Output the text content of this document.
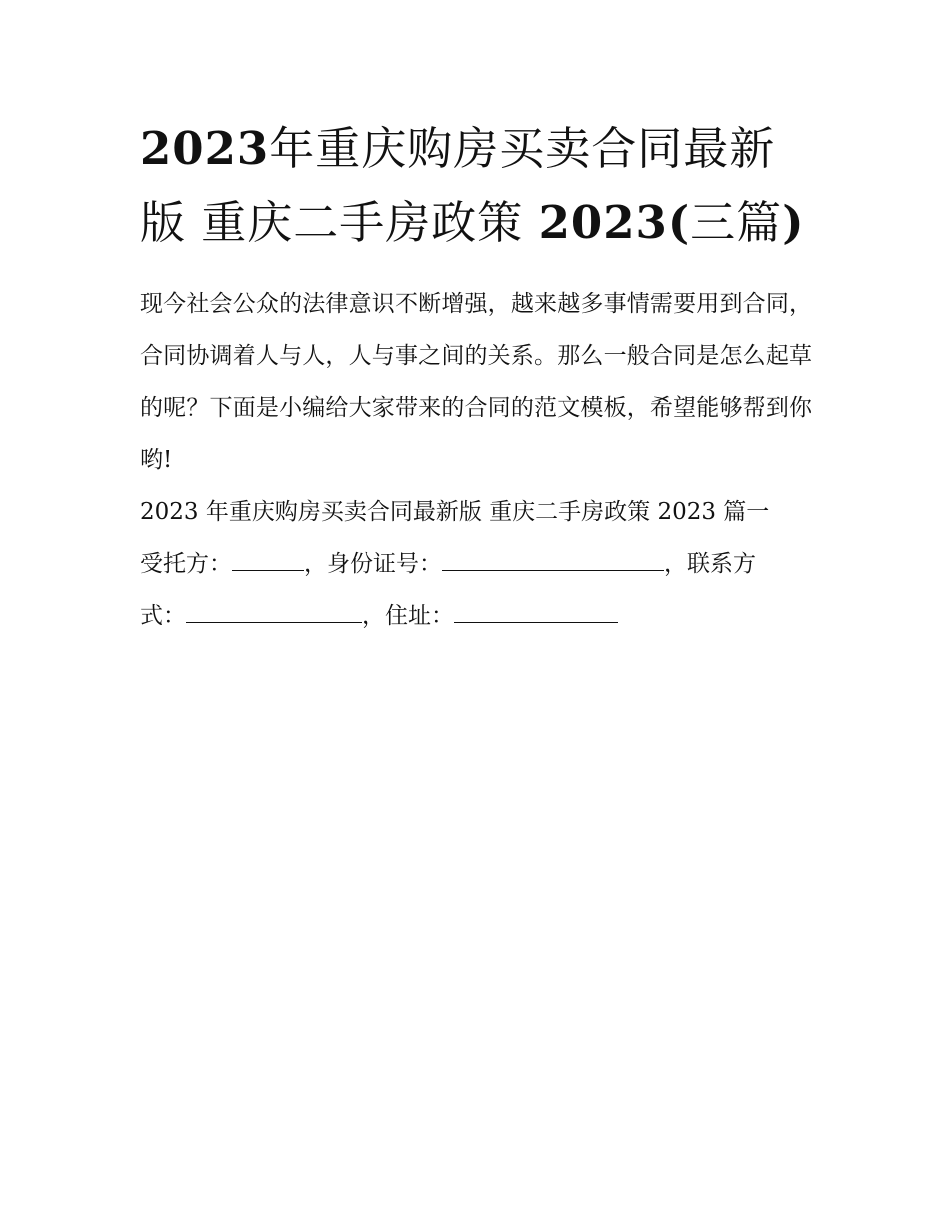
2023年重庆购房买卖合同最新版 重庆二手房政策 2023(三篇)

现今社会公众的法律意识不断增强，越来越多事情需要用到合同，合同协调着人与人，人与事之间的关系。那么一般合同是怎么起草的呢？下面是小编给大家带来的合同的范文模板，希望能够帮到你哟!

2023 年重庆购房买卖合同最新版 重庆二手房政策 2023 篇一

受托方：	，身份证号：	，联系方

式：	，住址：
